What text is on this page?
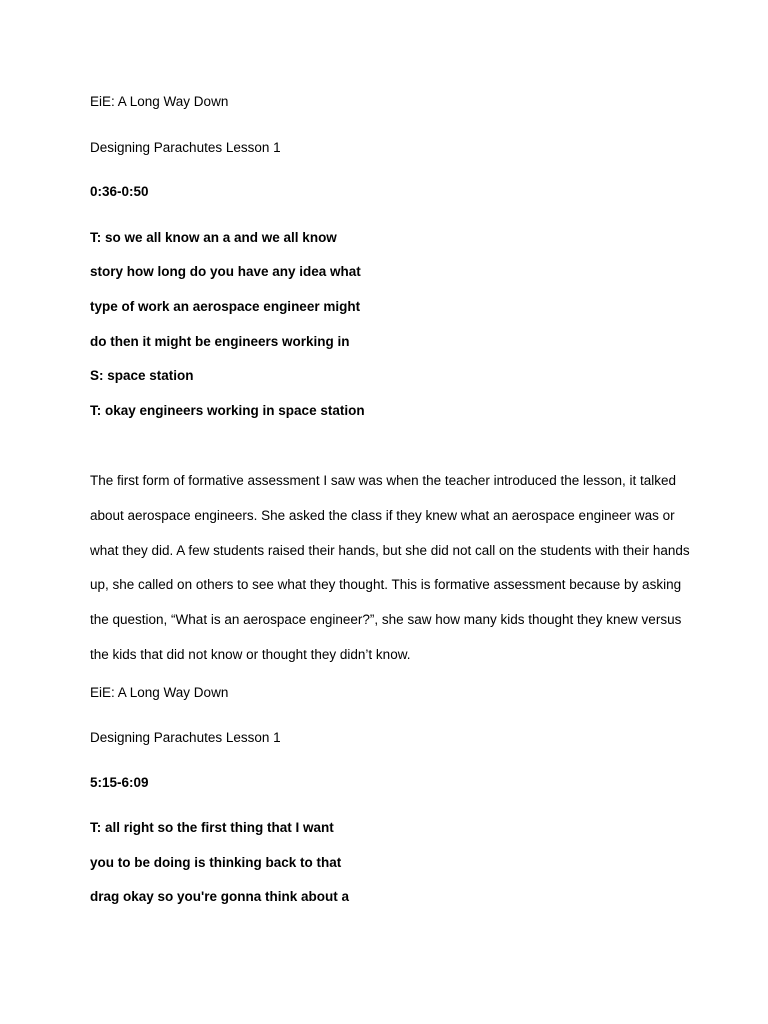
EiE: A Long Way Down

Designing Parachutes Lesson 1

0:36-0:50

T: so we all know an a and we all know

story how long do you have any idea what

type of work an aerospace engineer might

do then it might be engineers working in

S: space station

T: okay engineers working in space station

The first form of formative assessment I saw was when the teacher introduced the lesson, it talked about aerospace engineers. She asked the class if they knew what an aerospace engineer was or what they did. A few students raised their hands, but she did not call on the students with their hands up, she called on others to see what they thought. This is formative assessment because by asking the question, “What is an aerospace engineer?”, she saw how many kids thought they knew versus the kids that did not know or thought they didn’t know.

EiE: A Long Way Down

Designing Parachutes Lesson 1

5:15-6:09

T: all right so the first thing that I want

you to be doing is thinking back to that

drag okay so you're gonna think about a
